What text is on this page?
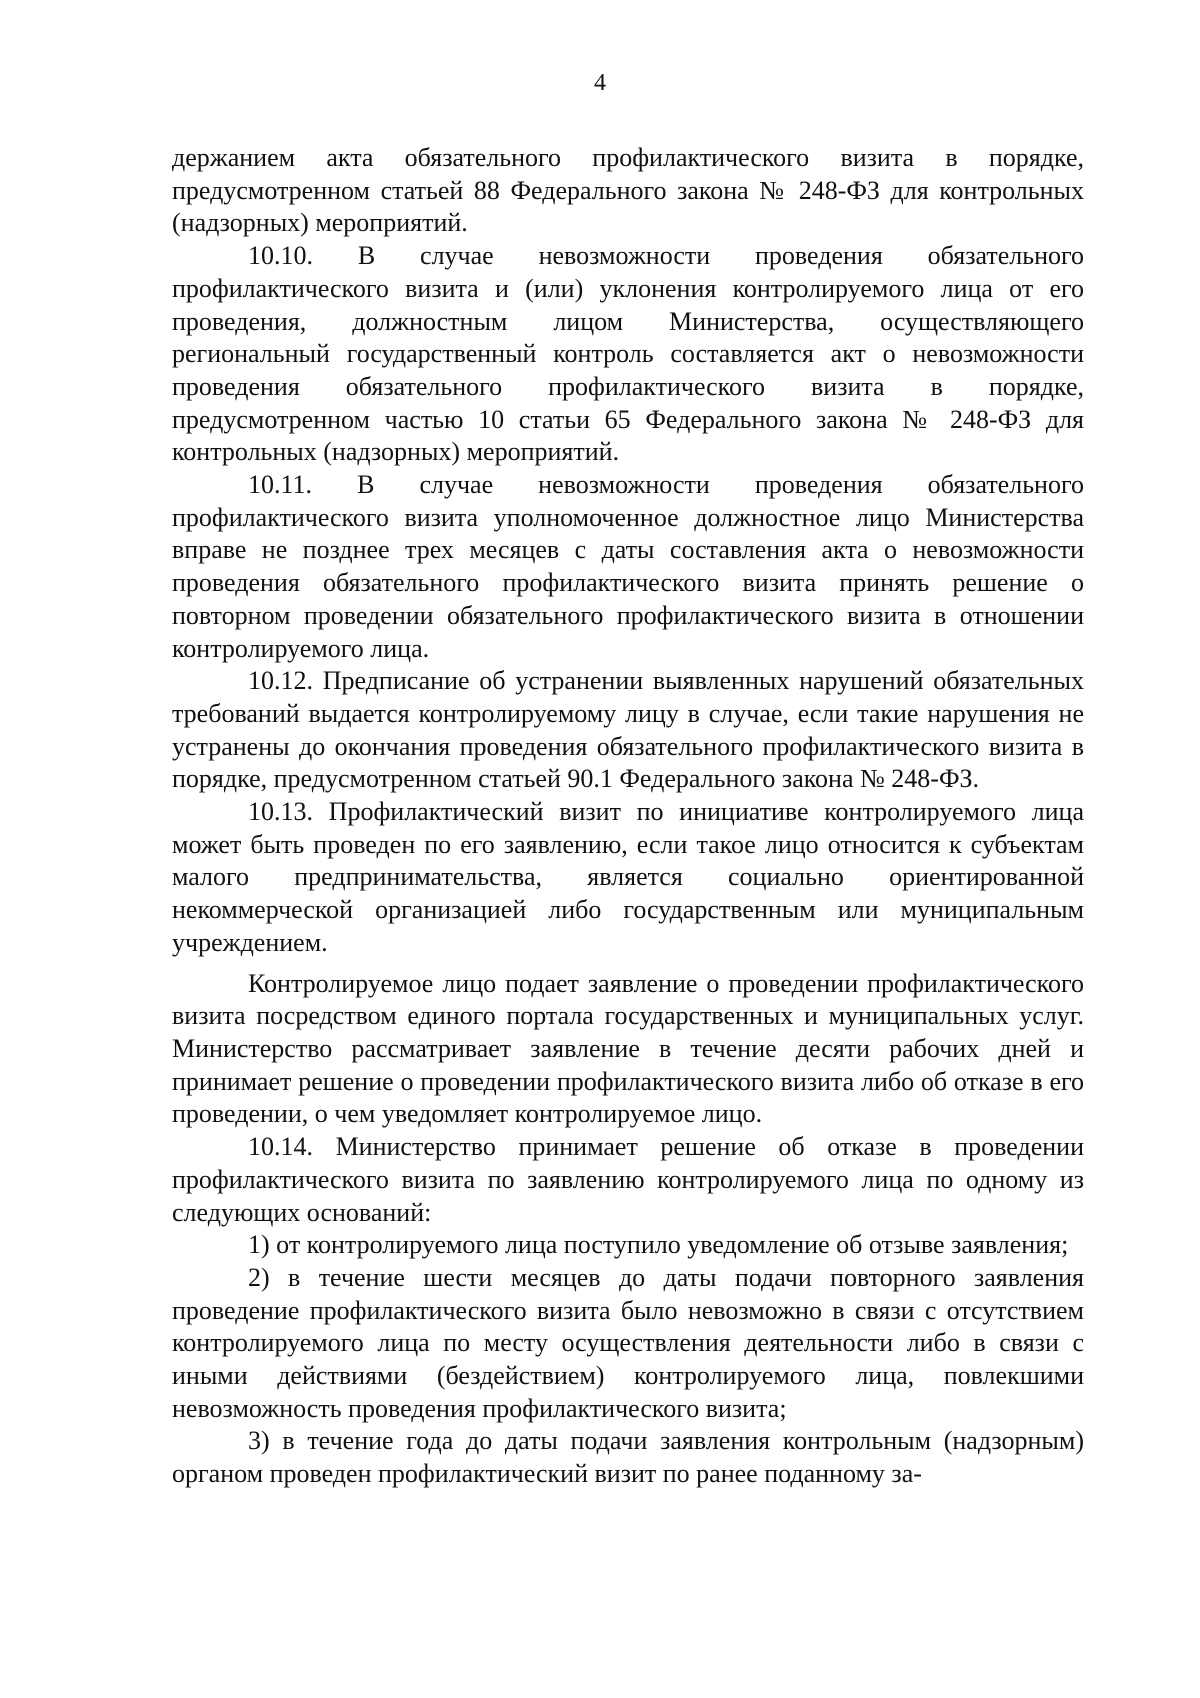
4

держанием акта обязательного профилактического визита в порядке, предусмотренном статьей 88 Федерального закона № 248-ФЗ для контрольных (надзорных) мероприятий.

10.10. В случае невозможности проведения обязательного профилактического визита и (или) уклонения контролируемого лица от его проведения, должностным лицом Министерства, осуществляющего региональный государственный контроль составляется акт о невозможности проведения обязательного профилактического визита в порядке, предусмотренном частью 10 статьи 65 Федерального закона № 248-ФЗ для контрольных (надзорных) мероприятий.

10.11. В случае невозможности проведения обязательного профилактического визита уполномоченное должностное лицо Министерства вправе не позднее трех месяцев с даты составления акта о невозможности проведения обязательного профилактического визита принять решение о повторном проведении обязательного профилактического визита в отношении контролируемого лица.

10.12. Предписание об устранении выявленных нарушений обязательных требований выдается контролируемому лицу в случае, если такие нарушения не устранены до окончания проведения обязательного профилактического визита в порядке, предусмотренном статьей 90.1 Федерального закона № 248-ФЗ.

10.13. Профилактический визит по инициативе контролируемого лица может быть проведен по его заявлению, если такое лицо относится к субъектам малого предпринимательства, является социально ориентированной некоммерческой организацией либо государственным или муниципальным учреждением.

Контролируемое лицо подает заявление о проведении профилактического визита посредством единого портала государственных и муниципальных услуг. Министерство рассматривает заявление в течение десяти рабочих дней и принимает решение о проведении профилактического визита либо об отказе в его проведении, о чем уведомляет контролируемое лицо.

10.14. Министерство принимает решение об отказе в проведении профилактического визита по заявлению контролируемого лица по одному из следующих оснований:

1) от контролируемого лица поступило уведомление об отзыве заявления;

2) в течение шести месяцев до даты подачи повторного заявления проведение профилактического визита было невозможно в связи с отсутствием контролируемого лица по месту осуществления деятельности либо в связи с иными действиями (бездействием) контролируемого лица, повлекшими невозможность проведения профилактического визита;

3) в течение года до даты подачи заявления контрольным (надзорным) органом проведен профилактический визит по ранее поданному за-
